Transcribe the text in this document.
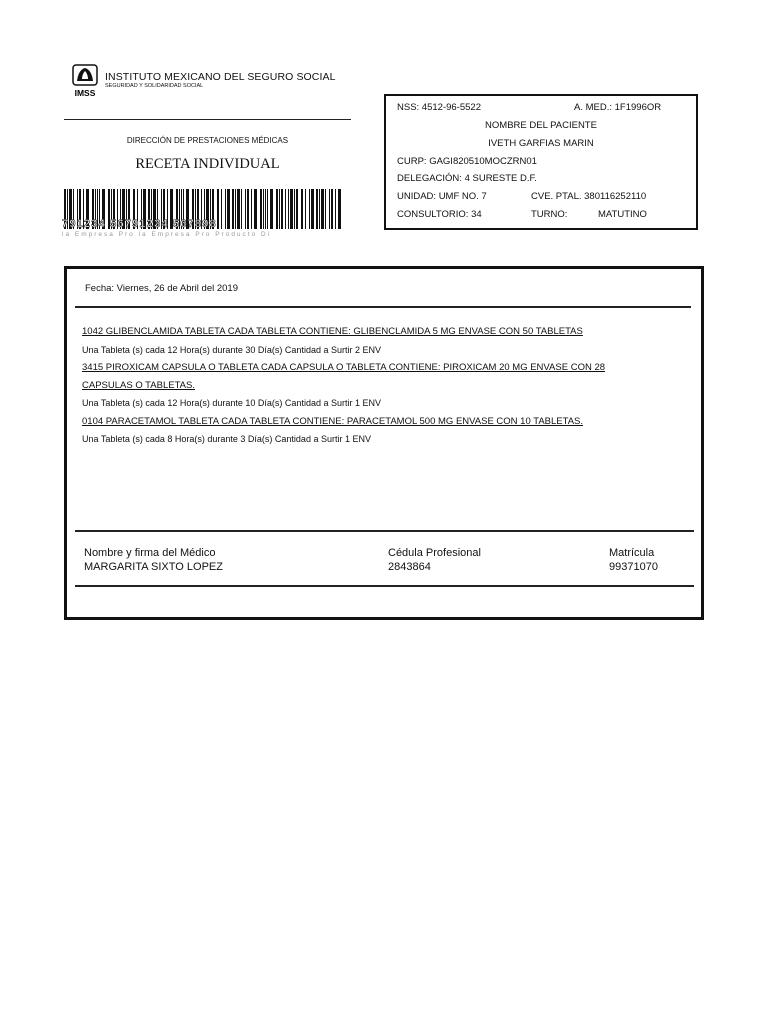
IMSS
INSTITUTO MEXICANO DEL SEGURO SOCIAL
SEGURIDAD Y SOLIDARIDAD SOCIAL
DIRECCIÓN DE PRESTACIONES MÉDICAS
RECETA INDIVIDUAL
791234 56791234 567898
la Empresa Pro la Empresa Pro Producto Di
NSS: 4512-96-5522	A. MED.: 1F1996OR
NOMBRE DEL PACIENTE
IVETH GARFIAS MARIN
CURP: GAGI820510MOCZRN01
DELEGACIÓN: 4 SURESTE D.F.
UNIDAD: UMF NO. 7	CVE. PTAL. 380116252110
CONSULTORIO: 34	TURNO:	MATUTINO
Fecha: Viernes, 26 de Abril del 2019
1042 GLIBENCLAMIDA TABLETA CADA TABLETA CONTIENE: GLIBENCLAMIDA 5 MG ENVASE CON 50 TABLETAS
Una Tableta (s) cada 12 Hora(s) durante 30 Día(s) Cantidad a Surtir 2 ENV
3415 PIROXICAM CAPSULA O TABLETA CADA CAPSULA O TABLETA CONTIENE: PIROXICAM 20 MG ENVASE CON 28
CAPSULAS O TABLETAS.
Una Tableta (s) cada 12 Hora(s) durante 10 Día(s) Cantidad a Surtir 1 ENV
0104 PARACETAMOL TABLETA CADA TABLETA CONTIENE: PARACETAMOL 500 MG ENVASE CON 10 TABLETAS.
Una Tableta (s) cada 8 Hora(s) durante 3 Día(s) Cantidad a Surtir 1 ENV
Nombre y firma del Médico
MARGARITA SIXTO LOPEZ
Cédula Profesional
2843864
Matrícula
99371070
